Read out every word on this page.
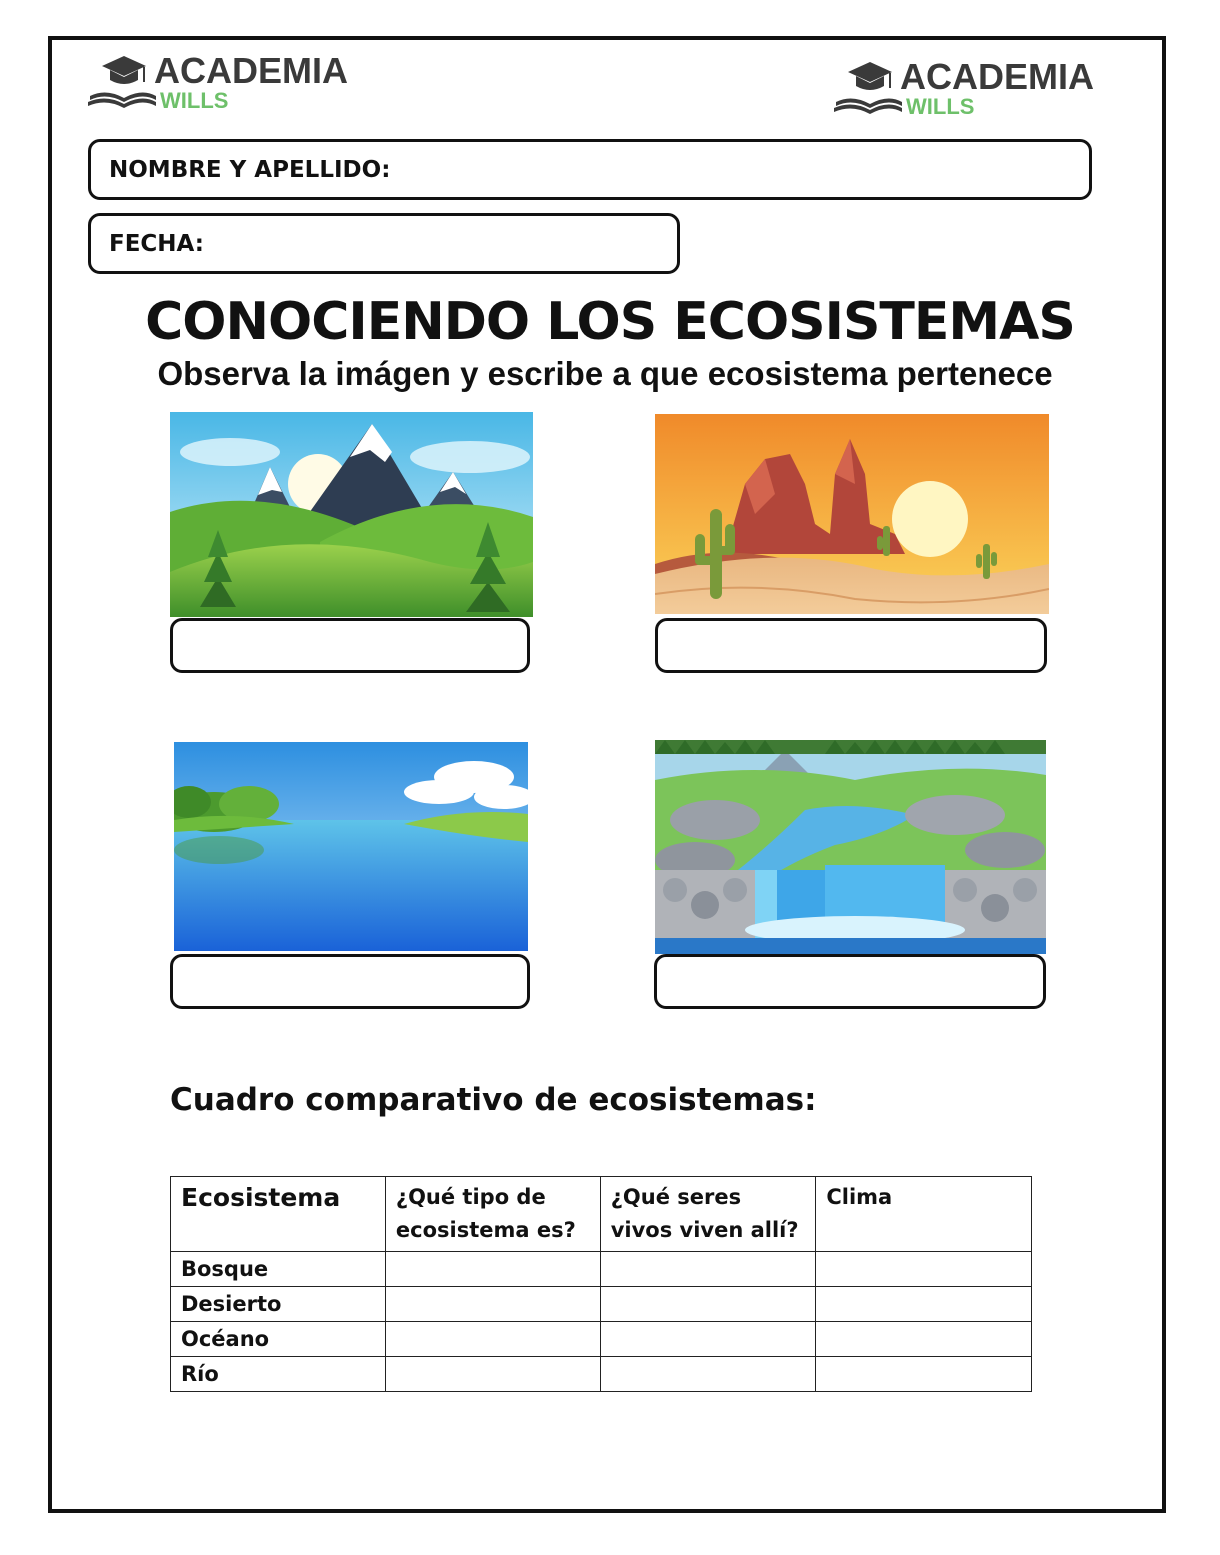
ACADEMIA
WILLS
ACADEMIA
WILLS
NOMBRE Y APELLIDO:
FECHA:
CONOCIENDO LOS ECOSISTEMAS
Observa la imágen y escribe a que ecosistema pertenece
Cuadro comparativo de ecosistemas:
Ecosistema	¿Qué tipo de ecosistema es?	¿Qué seres vivos viven allí?	Clima
Bosque			
Desierto			
Océano			
Río			
